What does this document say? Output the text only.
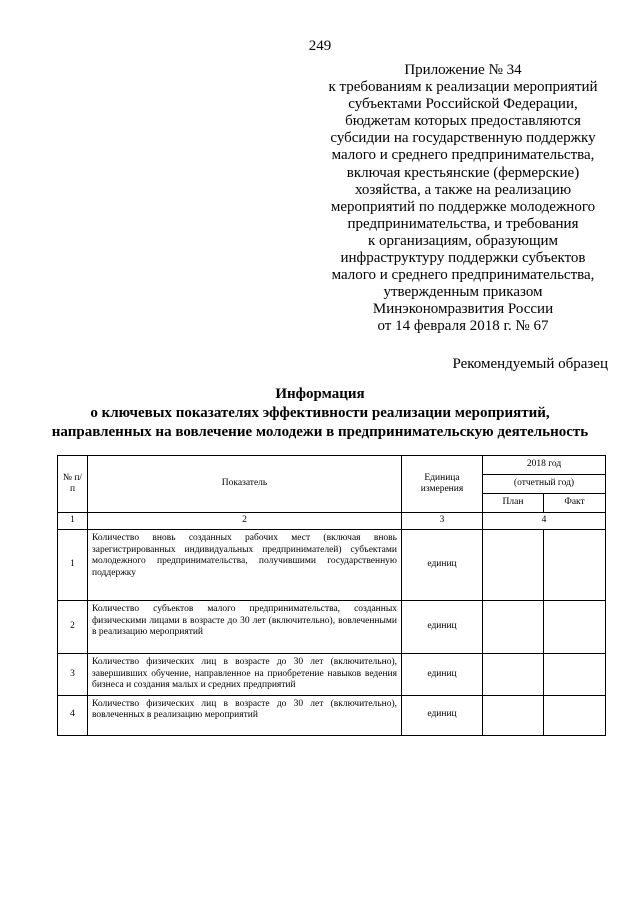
249
Приложение № 34
к требованиям к реализации мероприятий
субъектами Российской Федерации,
бюджетам которых предоставляются
субсидии на государственную поддержку
малого и среднего предпринимательства,
включая крестьянские (фермерские)
хозяйства, а также на реализацию
мероприятий по поддержке молодежного
предпринимательства, и требования
к организациям, образующим
инфраструктуру поддержки субъектов
малого и среднего предпринимательства,
утвержденным приказом
Минэкономразвития России
от 14 февраля 2018 г. № 67
Рекомендуемый образец
Информация
о ключевых показателях эффективности реализации мероприятий,
направленных на вовлечение молодежи в предпринимательскую деятельность
№ п/п	Показатель	Единица измерения	2018 год	
			(отчетный год)	
			План	Факт
1	2	3	4	
1	Количество вновь созданных рабочих мест (включая вновь зарегистрированных индивидуальных предпринимателей) субъектами молодежного предпринимательства, получившими государственную поддержку	единиц		
2	Количество субъектов малого предпринимательства, созданных физическими лицами в возрасте до 30 лет (включительно), вовлеченными в реализацию мероприятий	единиц		
3	Количество физических лиц в возрасте до 30 лет (включительно), завершивших обучение, направленное на приобретение навыков ведения бизнеса и создания малых и средних предприятий	единиц		
4	Количество физических лиц в возрасте до 30 лет (включительно), вовлеченных в реализацию мероприятий	единиц		
